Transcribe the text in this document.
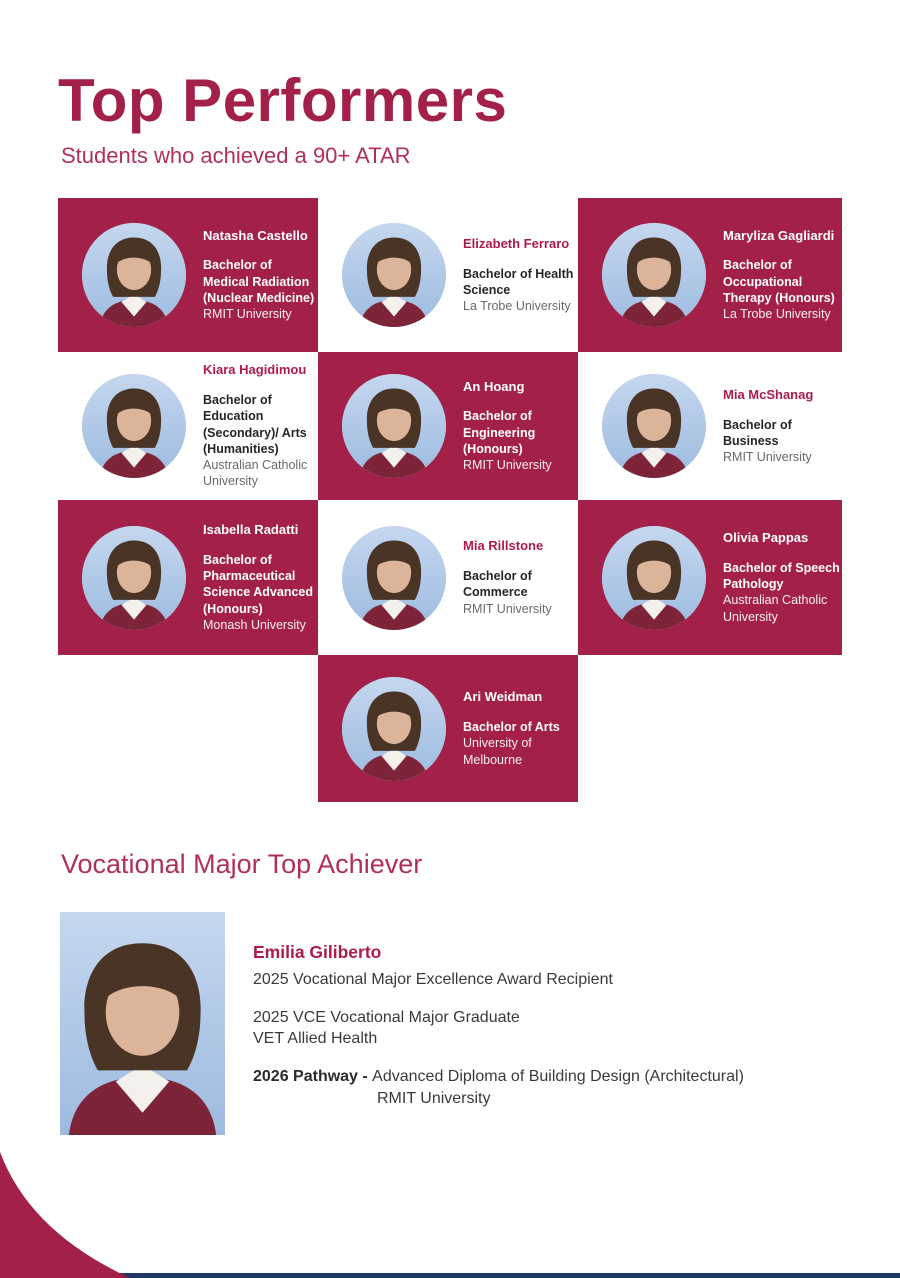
Top Performers
Students who achieved a 90+ ATAR
Natasha Castello
Bachelor of Medical Radiation (Nuclear Medicine)
RMIT University
Elizabeth Ferraro
Bachelor of Health Science
La Trobe University
Maryliza Gagliardi
Bachelor of Occupational Therapy (Honours)
La Trobe University
Kiara Hagidimou
Bachelor of Education (Secondary)/ Arts (Humanities)
Australian Catholic University
An Hoang
Bachelor of Engineering (Honours)
RMIT University
Mia McShanag
Bachelor of Business
RMIT University
Isabella Radatti
Bachelor of Pharmaceutical Science Advanced (Honours)
Monash University
Mia Rillstone
Bachelor of Commerce
RMIT University
Olivia Pappas
Bachelor of Speech Pathology
Australian Catholic University
Ari Weidman
Bachelor of Arts
University of Melbourne
Vocational Major Top Achiever
Emilia Giliberto
2025 Vocational Major Excellence Award Recipient
2025 VCE Vocational Major Graduate
VET Allied Health
2026 Pathway - Advanced Diploma of Building Design (Architectural)
RMIT University
